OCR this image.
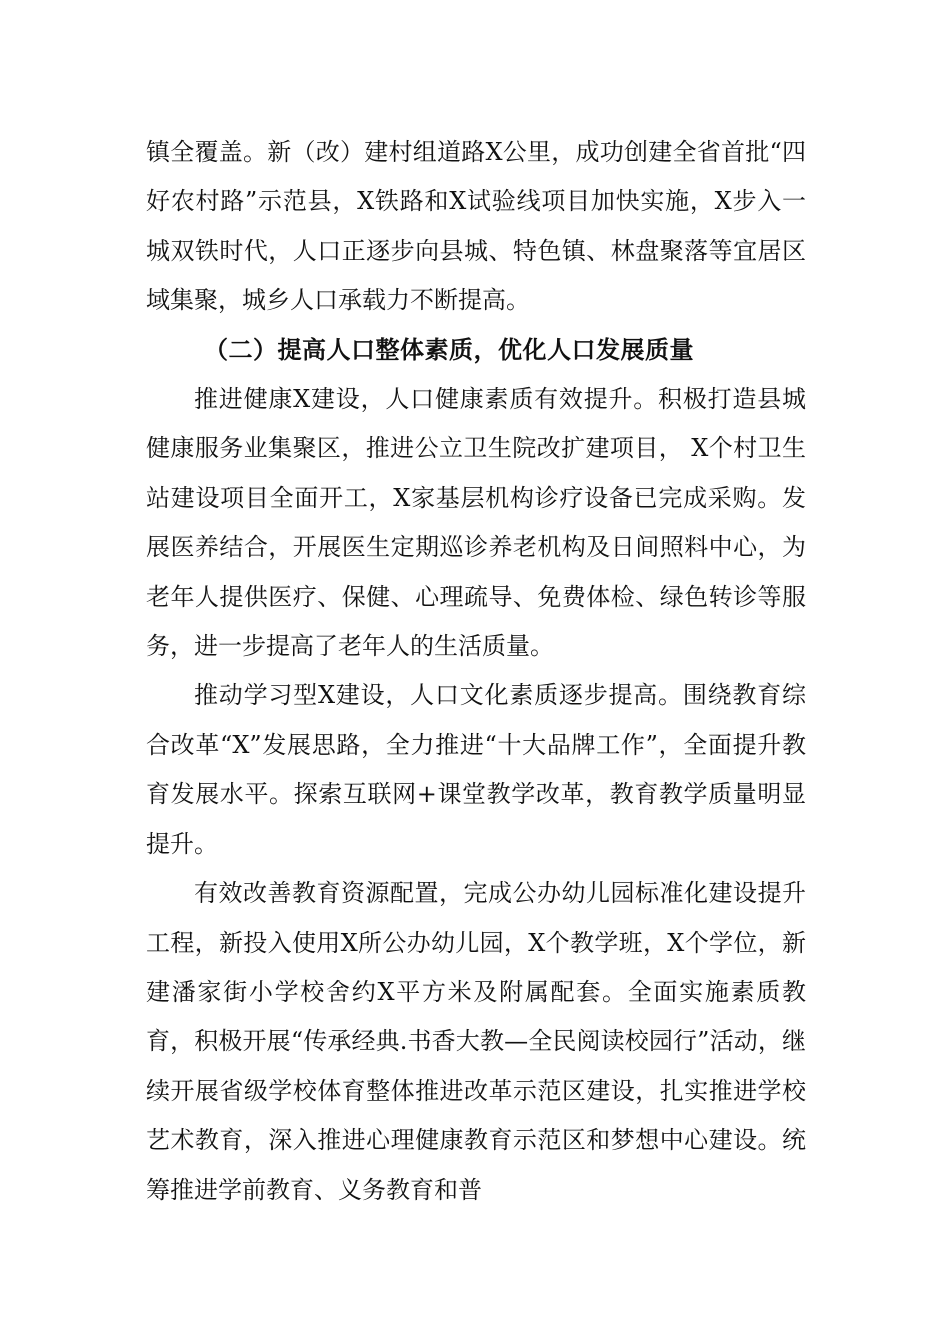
镇全覆盖。新（改）建村组道路X公里，成功创建全省首批“四好农村路”示范县，X铁路和X试验线项目加快实施，X步入一城双铁时代，人口正逐步向县城、特色镇、林盘聚落等宜居区域集聚，城乡人口承载力不断提高。

（二）提高人口整体素质，优化人口发展质量

推进健康X建设，人口健康素质有效提升。积极打造县城健康服务业集聚区，推进公立卫生院改扩建项目， X个村卫生站建设项目全面开工，X家基层机构诊疗设备已完成采购。发展医养结合，开展医生定期巡诊养老机构及日间照料中心，为老年人提供医疗、保健、心理疏导、免费体检、绿色转诊等服务，进一步提高了老年人的生活质量。

推动学习型X建设，人口文化素质逐步提高。围绕教育综合改革“X”发展思路，全力推进“十大品牌工作”，全面提升教育发展水平。探索互联网+课堂教学改革，教育教学质量明显提升。

有效改善教育资源配置，完成公办幼儿园标准化建设提升工程，新投入使用X所公办幼儿园，X个教学班，X个学位，新建潘家街小学校舍约X平方米及附属配套。全面实施素质教育，积极开展“传承经典.书香大教—全民阅读校园行”活动，继续开展省级学校体育整体推进改革示范区建设，扎实推进学校艺术教育，深入推进心理健康教育示范区和梦想中心建设。统筹推进学前教育、义务教育和普
